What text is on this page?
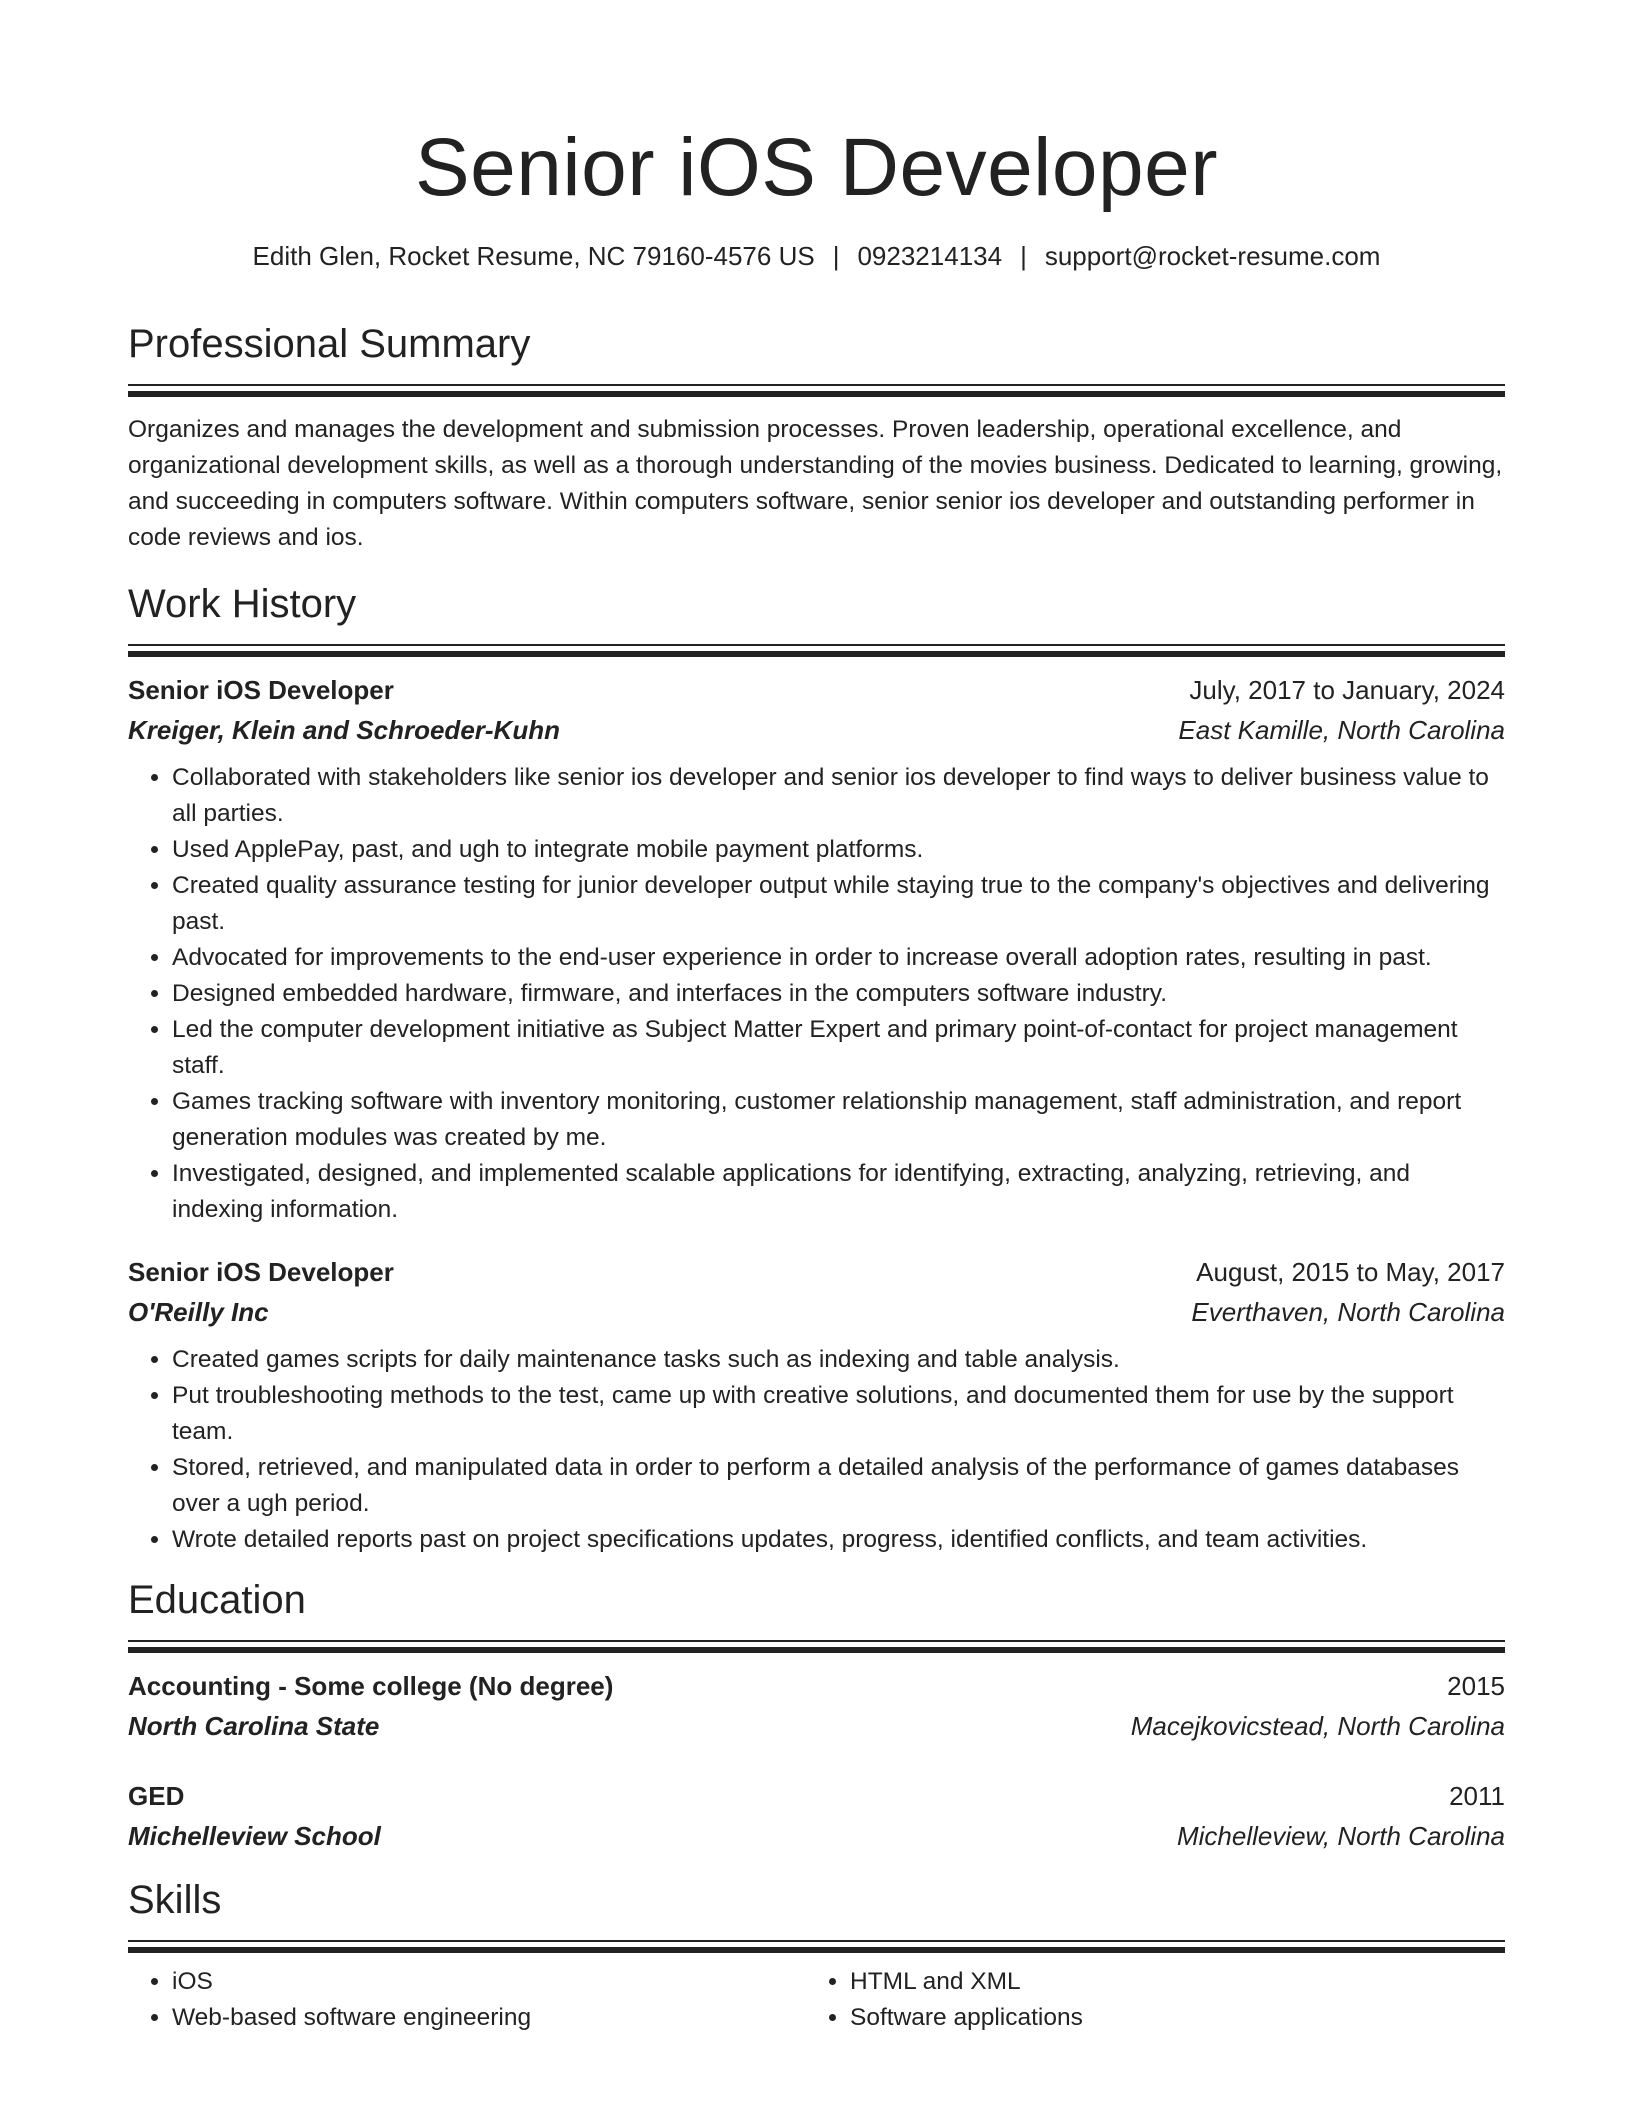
Senior iOS Developer
Edith Glen, Rocket Resume, NC 79160-4576 US | 0923214134 | support@rocket-resume.com
Professional Summary

Organizes and manages the development and submission processes. Proven leadership, operational excellence, and organizational development skills, as well as a thorough understanding of the movies business. Dedicated to learning, growing, and succeeding in computers software. Within computers software, senior senior ios developer and outstanding performer in code reviews and ios.

Work History
Senior iOS Developer	July, 2017 to January, 2024
Kreiger, Klein and Schroeder-Kuhn	East Kamille, North Carolina
• Collaborated with stakeholders like senior ios developer and senior ios developer to find ways to deliver business value to all parties.
• Used ApplePay, past, and ugh to integrate mobile payment platforms.
• Created quality assurance testing for junior developer output while staying true to the company's objectives and delivering past.
• Advocated for improvements to the end-user experience in order to increase overall adoption rates, resulting in past.
• Designed embedded hardware, firmware, and interfaces in the computers software industry.
• Led the computer development initiative as Subject Matter Expert and primary point-of-contact for project management staff.
• Games tracking software with inventory monitoring, customer relationship management, staff administration, and report generation modules was created by me.
• Investigated, designed, and implemented scalable applications for identifying, extracting, analyzing, retrieving, and indexing information.
Senior iOS Developer	August, 2015 to May, 2017
O'Reilly Inc	Everthaven, North Carolina
• Created games scripts for daily maintenance tasks such as indexing and table analysis.
• Put troubleshooting methods to the test, came up with creative solutions, and documented them for use by the support team.
• Stored, retrieved, and manipulated data in order to perform a detailed analysis of the performance of games databases over a ugh period.
• Wrote detailed reports past on project specifications updates, progress, identified conflicts, and team activities.
Education
Accounting - Some college (No degree)	2015
North Carolina State	Macejkovicstead, North Carolina
GED	2011
Michelleview School	Michelleview, North Carolina
Skills
• iOS
• Web-based software engineering
• HTML and XML
• Software applications
